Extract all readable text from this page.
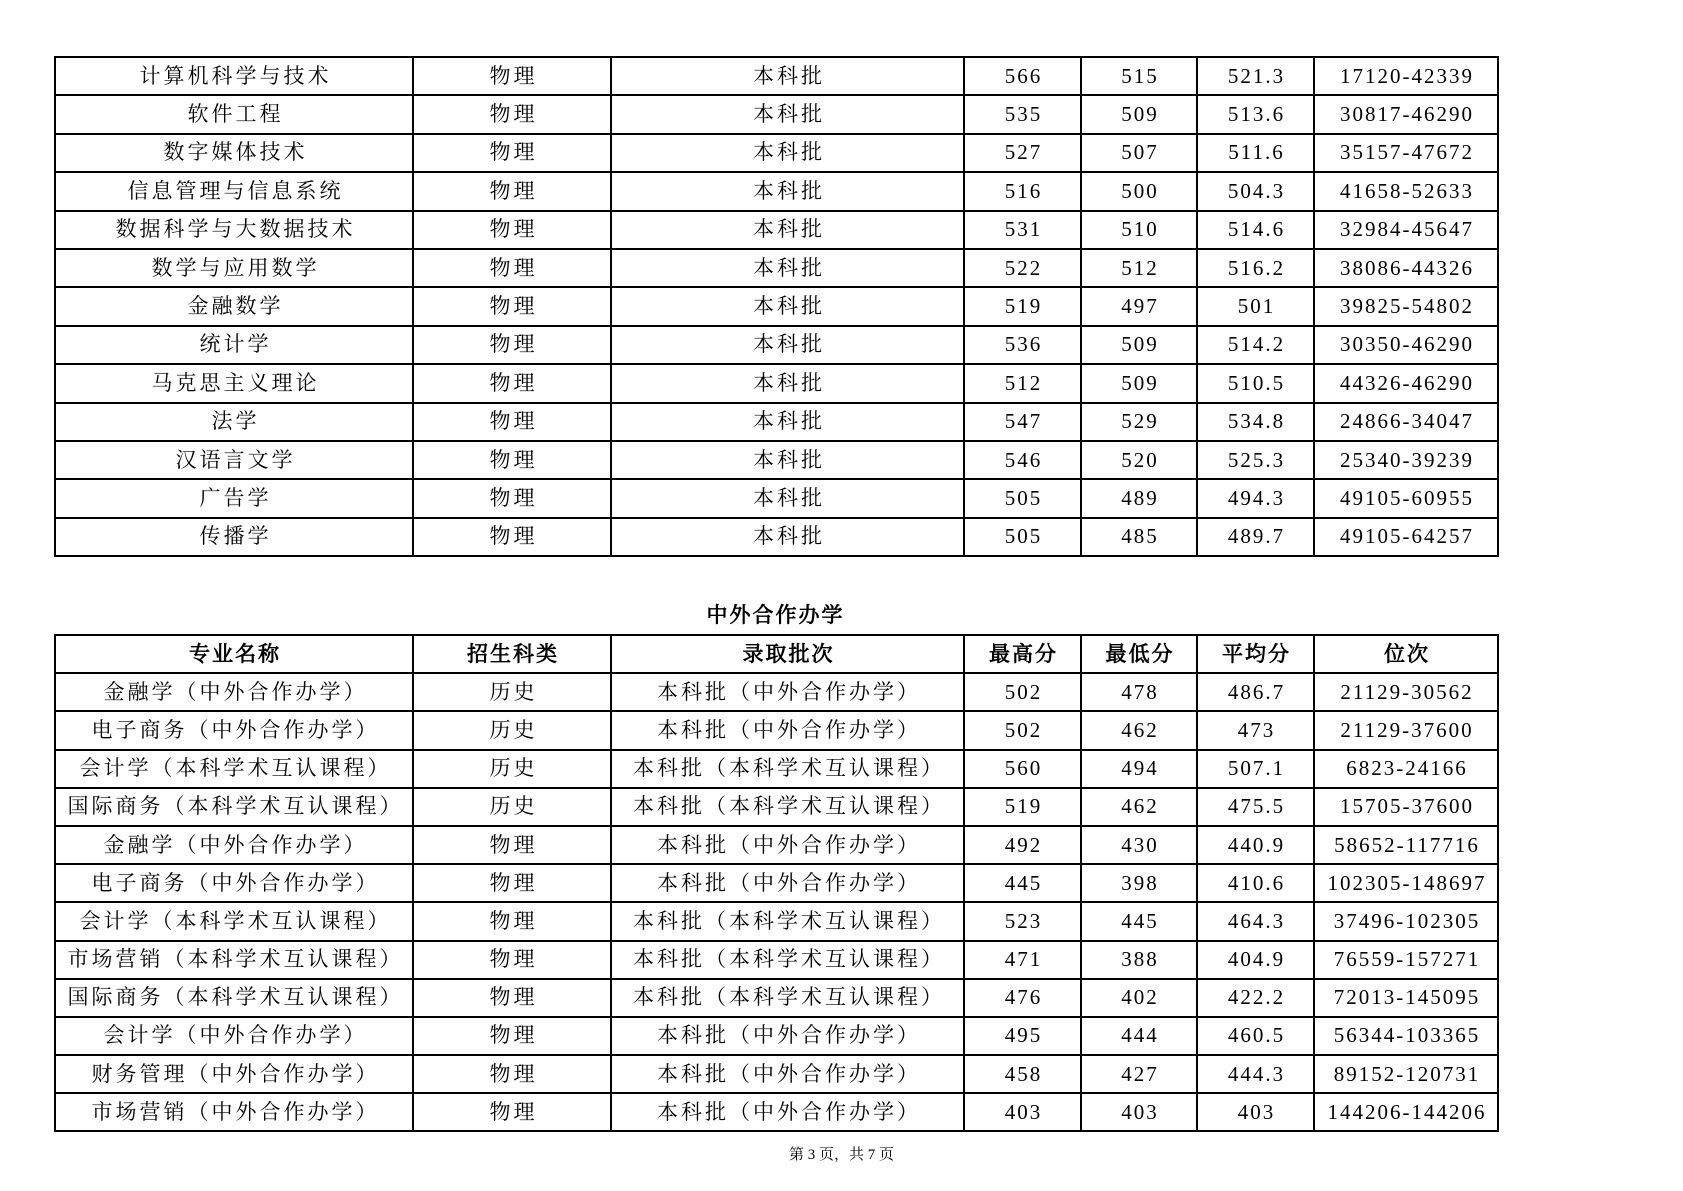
计算机科学与技术	物理	本科批	566	515	521.3	17120-42339
软件工程	物理	本科批	535	509	513.6	30817-46290
数字媒体技术	物理	本科批	527	507	511.6	35157-47672
信息管理与信息系统	物理	本科批	516	500	504.3	41658-52633
数据科学与大数据技术	物理	本科批	531	510	514.6	32984-45647
数学与应用数学	物理	本科批	522	512	516.2	38086-44326
金融数学	物理	本科批	519	497	501	39825-54802
统计学	物理	本科批	536	509	514.2	30350-46290
马克思主义理论	物理	本科批	512	509	510.5	44326-46290
法学	物理	本科批	547	529	534.8	24866-34047
汉语言文学	物理	本科批	546	520	525.3	25340-39239
广告学	物理	本科批	505	489	494.3	49105-60955
传播学	物理	本科批	505	485	489.7	49105-64257
中外合作办学
专业名称	招生科类	录取批次	最高分	最低分	平均分	位次
金融学（中外合作办学）	历史	本科批（中外合作办学）	502	478	486.7	21129-30562
电子商务（中外合作办学）	历史	本科批（中外合作办学）	502	462	473	21129-37600
会计学（本科学术互认课程）	历史	本科批（本科学术互认课程）	560	494	507.1	6823-24166
国际商务（本科学术互认课程）	历史	本科批（本科学术互认课程）	519	462	475.5	15705-37600
金融学（中外合作办学）	物理	本科批（中外合作办学）	492	430	440.9	58652-117716
电子商务（中外合作办学）	物理	本科批（中外合作办学）	445	398	410.6	102305-148697
会计学（本科学术互认课程）	物理	本科批（本科学术互认课程）	523	445	464.3	37496-102305
市场营销（本科学术互认课程）	物理	本科批（本科学术互认课程）	471	388	404.9	76559-157271
国际商务（本科学术互认课程）	物理	本科批（本科学术互认课程）	476	402	422.2	72013-145095
会计学（中外合作办学）	物理	本科批（中外合作办学）	495	444	460.5	56344-103365
财务管理（中外合作办学）	物理	本科批（中外合作办学）	458	427	444.3	89152-120731
市场营销（中外合作办学）	物理	本科批（中外合作办学）	403	403	403	144206-144206
第 3 页，共 7 页
